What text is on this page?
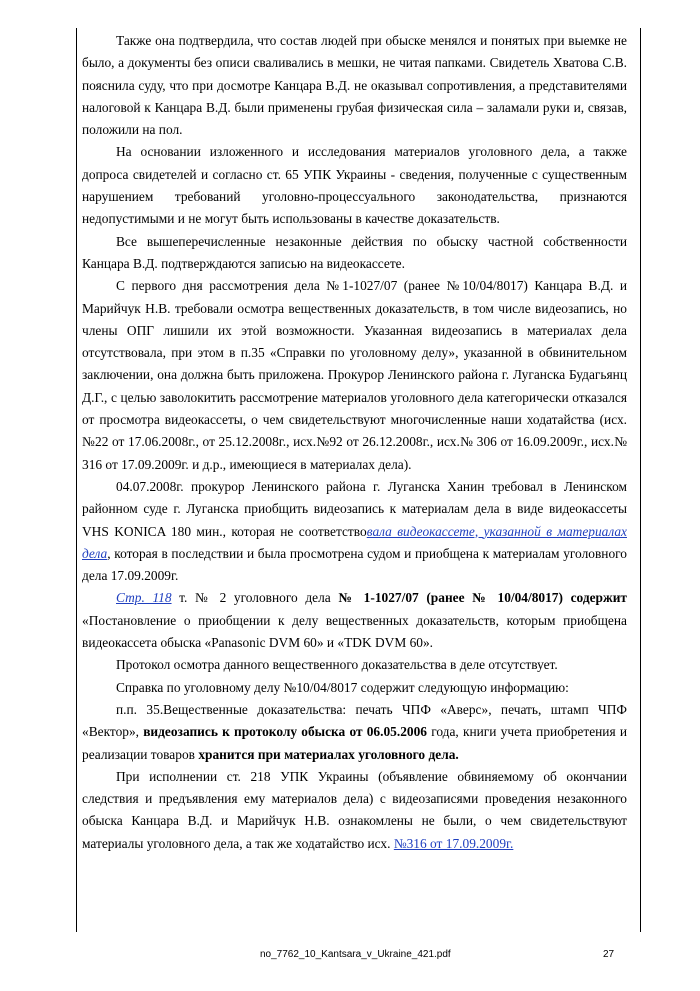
Также она подтвердила, что состав людей при обыске менялся и понятых при выемке не было, а документы без описи сваливались в мешки, не читая папками. Свидетель Хватова С.В. пояснила суду, что при досмотре Канцара В.Д. не оказывал сопротивления, а представителями налоговой к Канцара В.Д. были применены грубая физическая сила – заламали руки и, связав, положили на пол.

На основании изложенного и исследования материалов уголовного дела, а также допроса свидетелей и согласно ст. 65 УПК Украины - сведения, полученные с существенным нарушением требований уголовно-процессуального законодательства, признаются недопустимыми и не могут быть использованы в качестве доказательств.

Все вышеперечисленные незаконные действия по обыску частной собственности Канцара В.Д. подтверждаются записью на видеокассете.

С первого дня рассмотрения дела №1-1027/07 (ранее №10/04/8017) Канцара В.Д. и Марийчук Н.В. требовали осмотра вещественных доказательств, в том числе видеозапись, но члены ОПГ лишили их этой возможности. Указанная видеозапись в материалах дела отсутствовала, при этом в п.35 «Справки по уголовному делу», указанной в обвинительном заключении, она должна быть приложена. Прокурор Ленинского района г. Луганска Будагьянц Д.Г., с целью заволокитить рассмотрение материалов уголовного дела категорически отказался от просмотра видеокассеты, о чем свидетельствуют многочисленные наши ходатайства (исх.№22 от 17.06.2008г., от 25.12.2008г., исх.№92 от 26.12.2008г., исх.№ 306 от 16.09.2009г., исх.№ 316 от 17.09.2009г. и д.р., имеющиеся в материалах дела).

04.07.2008г. прокурор Ленинского района г. Луганска Ханин требовал в Ленинском районном суде г. Луганска приобщить видеозапись к материалам дела в виде видеокассеты VHS KONICA 180 мин., которая не соответствовала видеокассете, указанной в материалах дела, которая в последствии и была просмотрена судом и приобщена к материалам уголовного дела 17.09.2009г.

Стр. 118 т. № 2 уголовного дела № 1-1027/07 (ранее № 10/04/8017) содержит «Постановление о приобщении к делу вещественных доказательств, которым приобщена видеокассета обыска «Panasonic DVM 60» и «TDK DVM 60».

Протокол осмотра данного вещественного доказательства в деле отсутствует.

Справка по уголовному делу №10/04/8017 содержит следующую информацию:

п.п. 35.Вещественные доказательства: печать ЧПФ «Аверс», печать, штамп ЧПФ «Вектор», видеозапись к протоколу обыска от 06.05.2006 года, книги учета приобретения и реализации товаров хранится при материалах уголовного дела.

При исполнении ст. 218 УПК Украины (объявление обвиняемому об окончании следствия и предъявления ему материалов дела) с видеозаписями проведения незаконного обыска Канцара В.Д. и Марийчук Н.В. ознакомлены не были, о чем свидетельствуют материалы уголовного дела, а так же ходатайство исх. №316 от 17.09.2009г.

no_7762_10_Kantsara_v_Ukraine_421.pdf	27
